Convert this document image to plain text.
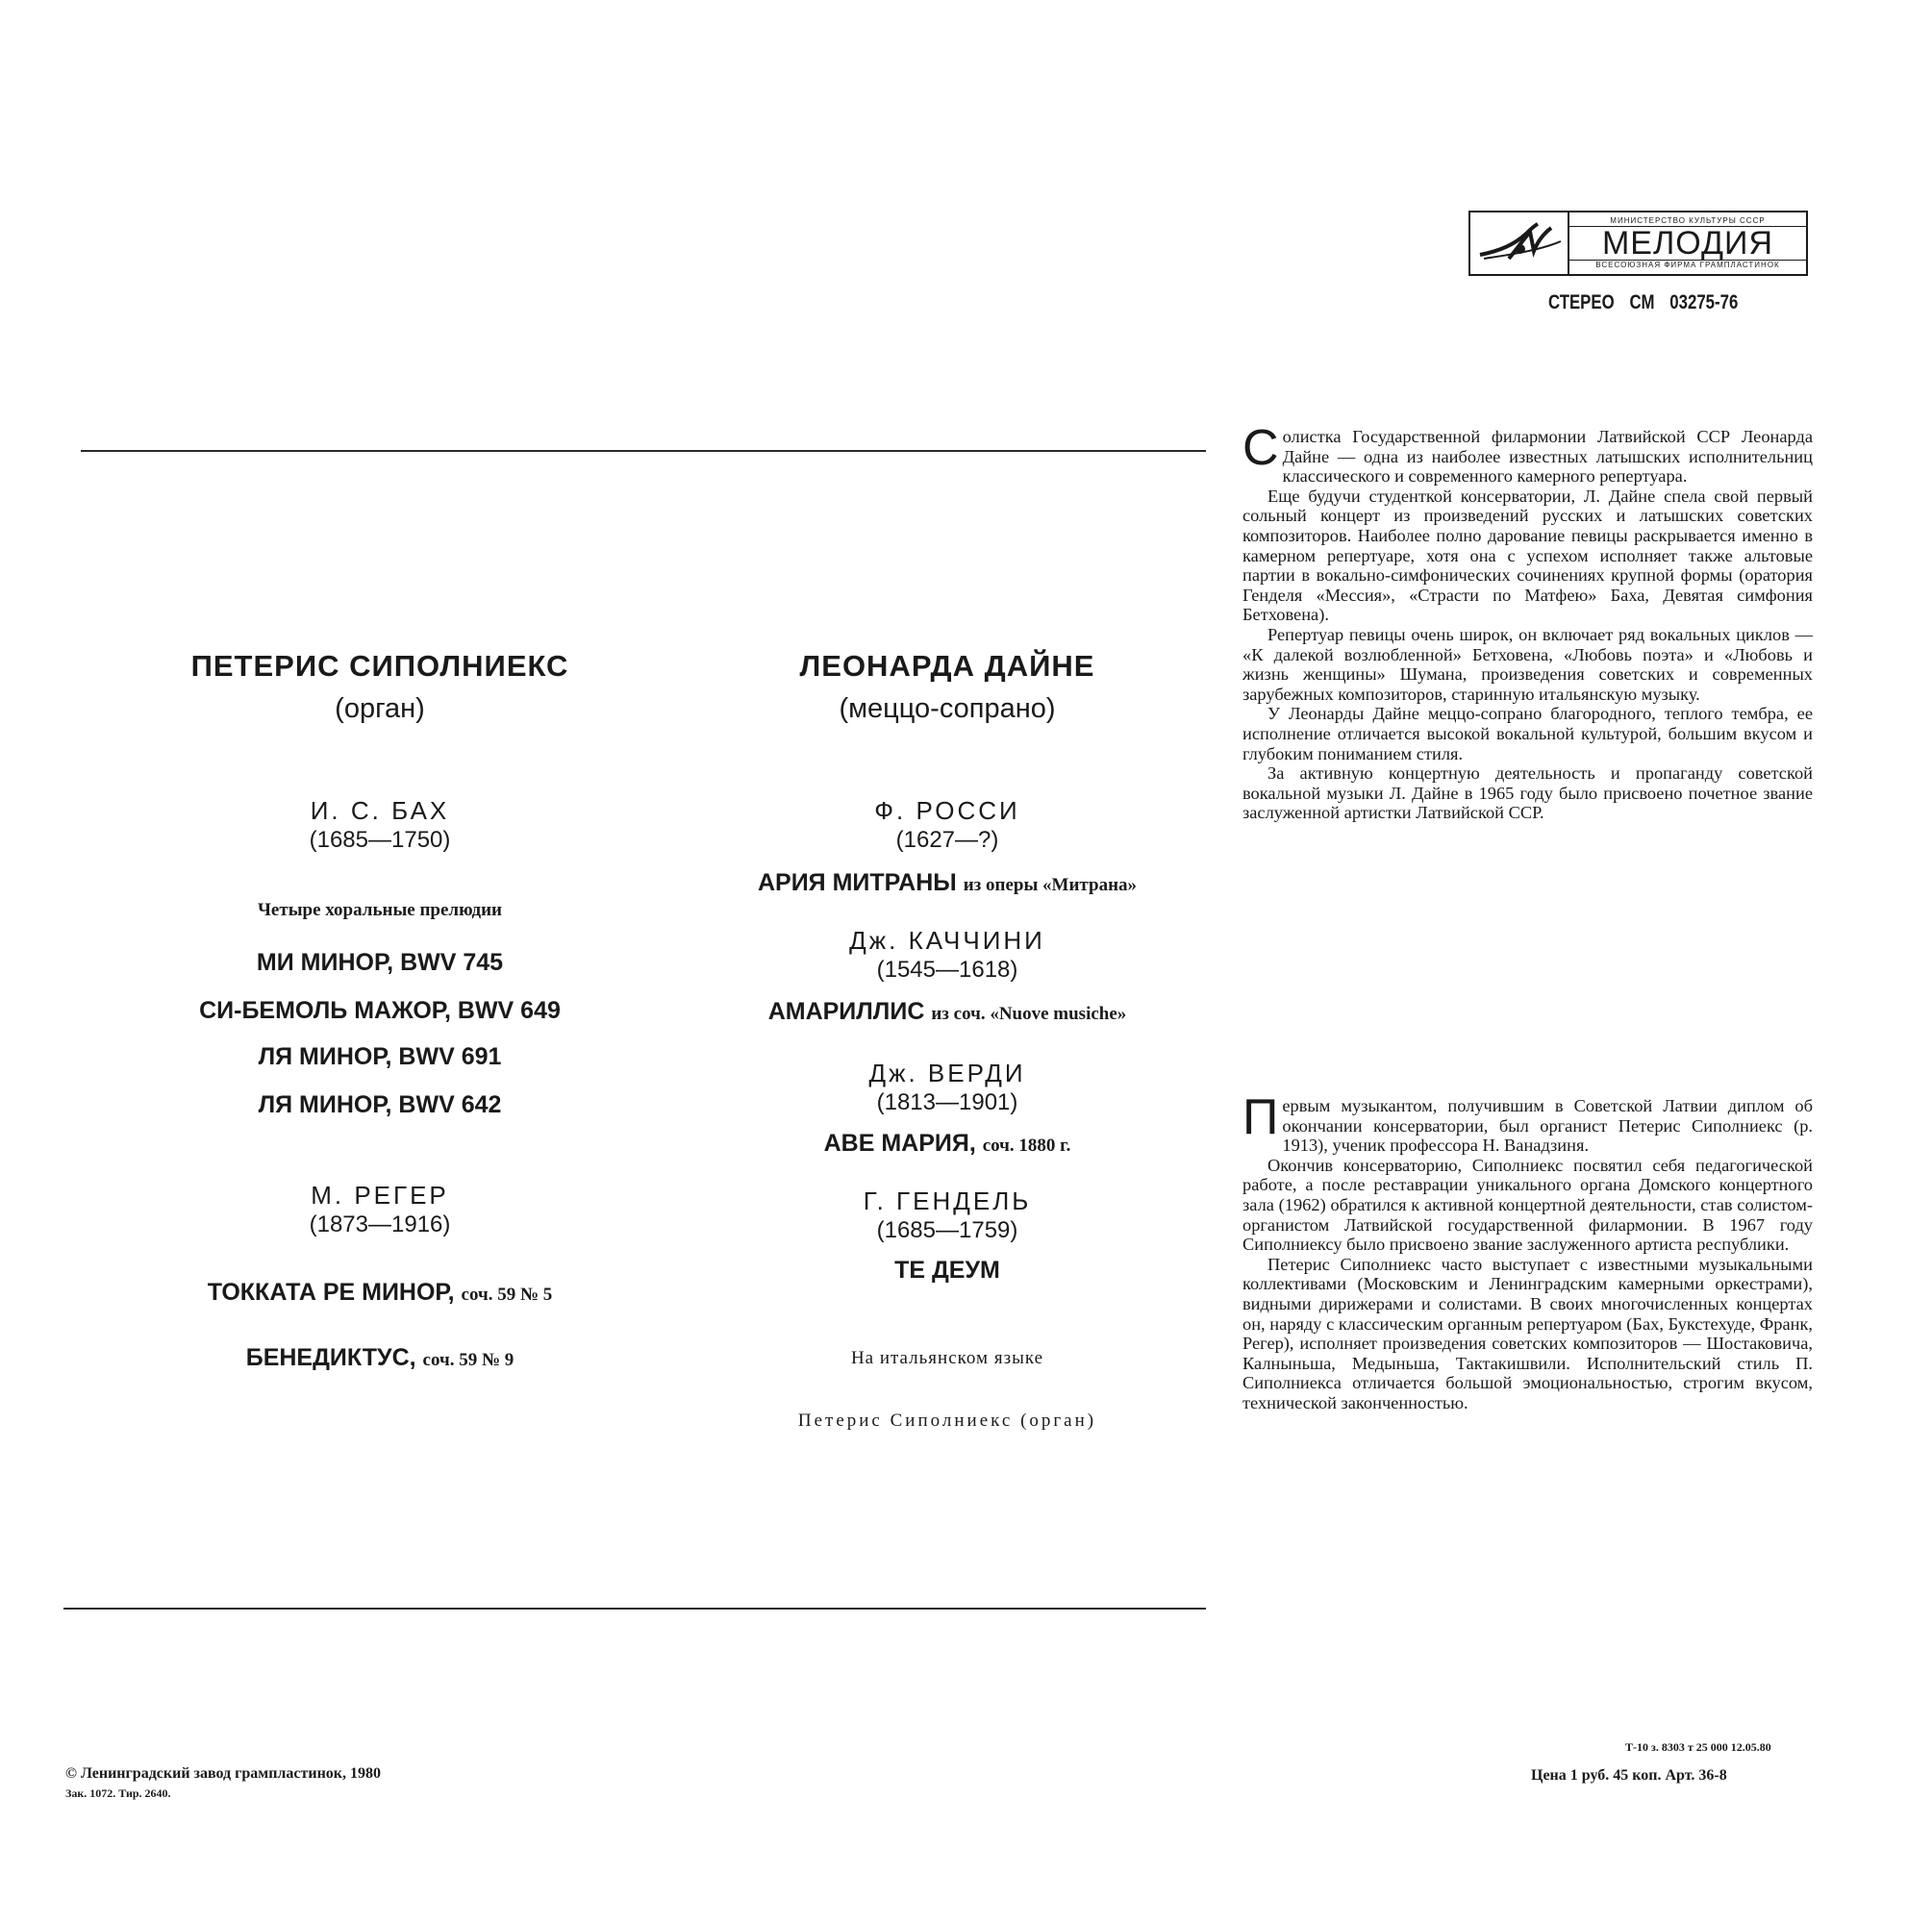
МИНИСТЕРСТВО КУЛЬТУРЫ СССР
МЕЛОДИЯ
ВСЕСОЮЗНАЯ ФИРМА ГРАМПЛАСТИНОК
СТЕРЕО СМ 03275-76
ПЕТЕРИС СИПОЛНИЕКС
(орган)
И. С. БАХ
(1685—1750)
Четыре хоральные прелюдии
МИ МИНОР, BWV 745
СИ-БЕМОЛЬ МАЖОР, BWV 649
ЛЯ МИНОР, BWV 691
ЛЯ МИНОР, BWV 642
М. РЕГЕР
(1873—1916)
ТОККАТА РЕ МИНОР, соч. 59 № 5
БЕНЕДИКТУС, соч. 59 № 9
ЛЕОНАРДА ДАЙНЕ
(меццо-сопрано)
Ф. РОССИ
(1627—?)
АРИЯ МИТРАНЫ из оперы «Митрана»
Дж. КАЧЧИНИ
(1545—1618)
АМАРИЛЛИС из соч. «Nuove musiche»
Дж. ВЕРДИ
(1813—1901)
АВЕ МАРИЯ, соч. 1880 г.
Г. ГЕНДЕЛЬ
(1685—1759)
ТЕ ДЕУМ
На итальянском языке
Петерис Сиполниекс (орган)

Солистка Государственной филармонии Латвийской ССР Леонарда Дайне — одна из наиболее известных латышских исполнительниц классического и современного камерного репертуара.

Еще будучи студенткой консерватории, Л. Дайне спела свой первый сольный концерт из произведений русских и латышских советских композиторов. Наиболее полно дарование певицы раскрывается именно в камерном репертуаре, хотя она с успехом исполняет также альтовые партии в вокально-симфонических сочинениях крупной формы (оратория Генделя «Мессия», «Страсти по Матфею» Баха, Девятая симфония Бетховена).

Репертуар певицы очень широк, он включает ряд вокальных циклов — «К далекой возлюбленной» Бетховена, «Любовь поэта» и «Любовь и жизнь женщины» Шумана, произведения советских и современных зарубежных композиторов, старинную итальянскую музыку.

У Леонарды Дайне меццо-сопрано благородного, теплого тембра, ее исполнение отличается высокой вокальной культурой, большим вкусом и глубоким пониманием стиля.

За активную концертную деятельность и пропаганду советской вокальной музыки Л. Дайне в 1965 году было присвоено почетное звание заслуженной артистки Латвийской ССР.

Первым музыкантом, получившим в Советской Латвии диплом об окончании консерватории, был органист Петерис Сиполниекс (р. 1913), ученик профессора Н. Ванадзиня.

Окончив консерваторию, Сиполниекс посвятил себя педагогической работе, а после реставрации уникального органа Домского концертного зала (1962) обратился к активной концертной деятельности, став солистом-органистом Латвийской государственной филармонии. В 1967 году Сиполниексу было присвоено звание заслуженного артиста республики.

Петерис Сиполниекс часто выступает с известными музыкальными коллективами (Московским и Ленинградским камерными оркестрами), видными дирижерами и солистами. В своих многочисленных концертах он, наряду с классическим органным репертуаром (Бах, Букстехуде, Франк, Регер), исполняет произведения советских композиторов — Шостаковича, Калныньша, Медыньша, Тактакишвили. Исполнительский стиль П. Сиполниекса отличается большой эмоциональностью, строгим вкусом, технической законченностью.

© Ленинградский завод грампластинок, 1980
Зак. 1072. Тир. 2640.
Т-10 з. 8303 т 25 000 12.05.80
Цена 1 руб. 45 коп. Арт. 36-8
